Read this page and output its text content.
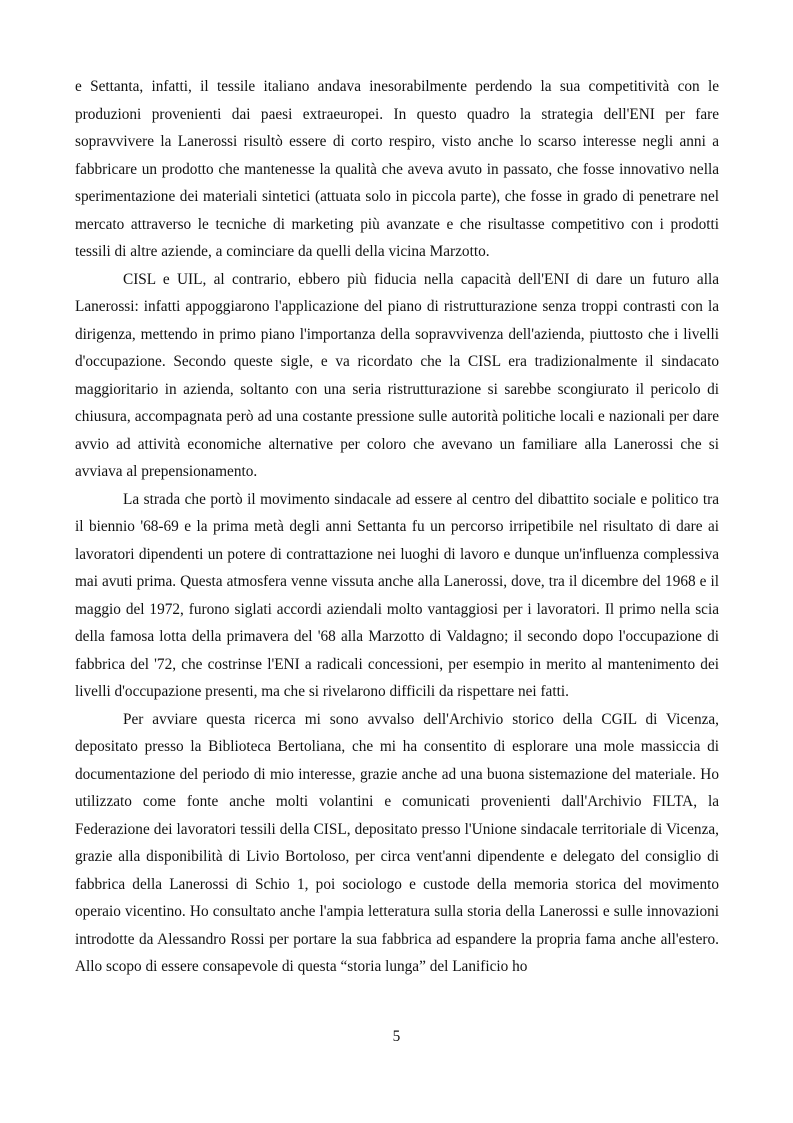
e Settanta, infatti, il tessile italiano andava inesorabilmente perdendo la sua competitività con le produzioni provenienti dai paesi extraeuropei. In questo quadro la strategia dell'ENI per fare sopravvivere la Lanerossi risultò essere di corto respiro, visto anche lo scarso interesse negli anni a fabbricare un prodotto che mantenesse la qualità che aveva avuto in passato, che fosse innovativo nella sperimentazione dei materiali sintetici (attuata solo in piccola parte), che fosse in grado di penetrare nel mercato attraverso le tecniche di marketing più avanzate e che risultasse competitivo con i prodotti tessili di altre aziende, a cominciare da quelli della vicina Marzotto.

CISL e UIL, al contrario, ebbero più fiducia nella capacità dell'ENI di dare un futuro alla Lanerossi: infatti appoggiarono l'applicazione del piano di ristrutturazione senza troppi contrasti con la dirigenza, mettendo in primo piano l'importanza della sopravvivenza dell'azienda, piuttosto che i livelli d'occupazione. Secondo queste sigle, e va ricordato che la CISL era tradizionalmente il sindacato maggioritario in azienda, soltanto con una seria ristrutturazione si sarebbe scongiurato il pericolo di chiusura, accompagnata però ad una costante pressione sulle autorità politiche locali e nazionali per dare avvio ad attività economiche alternative per coloro che avevano un familiare alla Lanerossi che si avviava al prepensionamento.

La strada che portò il movimento sindacale ad essere al centro del dibattito sociale e politico tra il biennio '68-69 e la prima metà degli anni Settanta fu un percorso irripetibile nel risultato di dare ai lavoratori dipendenti un potere di contrattazione nei luoghi di lavoro e dunque un'influenza complessiva mai avuti prima. Questa atmosfera venne vissuta anche alla Lanerossi, dove, tra il dicembre del 1968 e il maggio del 1972, furono siglati accordi aziendali molto vantaggiosi per i lavoratori. Il primo nella scia della famosa lotta della primavera del '68 alla Marzotto di Valdagno; il secondo dopo l'occupazione di fabbrica del '72, che costrinse l'ENI a radicali concessioni, per esempio in merito al mantenimento dei livelli d'occupazione presenti, ma che si rivelarono difficili da rispettare nei fatti.

Per avviare questa ricerca mi sono avvalso dell'Archivio storico della CGIL di Vicenza, depositato presso la Biblioteca Bertoliana, che mi ha consentito di esplorare una mole massiccia di documentazione del periodo di mio interesse, grazie anche ad una buona sistemazione del materiale. Ho utilizzato come fonte anche molti volantini e comunicati provenienti dall'Archivio FILTA, la Federazione dei lavoratori tessili della CISL, depositato presso l'Unione sindacale territoriale di Vicenza, grazie alla disponibilità di Livio Bortoloso, per circa vent'anni dipendente e delegato del consiglio di fabbrica della Lanerossi di Schio 1, poi sociologo e custode della memoria storica del movimento operaio vicentino. Ho consultato anche l'ampia letteratura sulla storia della Lanerossi e sulle innovazioni introdotte da Alessandro Rossi per portare la sua fabbrica ad espandere la propria fama anche all'estero. Allo scopo di essere consapevole di questa “storia lunga” del Lanificio ho

5
